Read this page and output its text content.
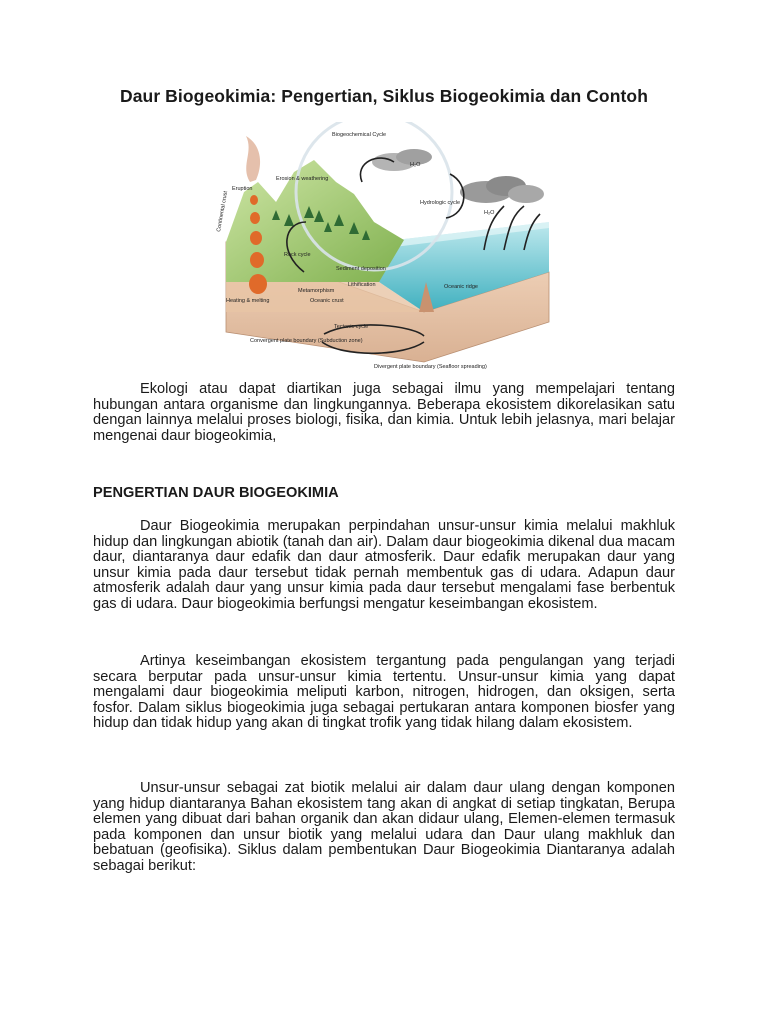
Daur Biogeokimia: Pengertian, Siklus Biogeokimia dan Contoh
Biogeochemical Cycle
H₂O
Hydrologic cycle
H₂O
Erosion & weathering
Eruption
Rock cycle
Sediment deposition
Lithification
Metamorphism
Oceanic crust
Oceanic ridge
Continental crust
Heating & melting
Tectonic cycle
Convergent plate boundary (Subduction zone)
Divergent plate boundary (Seafloor spreading)

Ekologi atau dapat diartikan juga sebagai ilmu yang mempelajari tentang hubungan antara organisme dan lingkungannya. Beberapa ekosistem dikorelasikan satu dengan lainnya melalui proses biologi, fisika, dan kimia. Untuk lebih jelasnya, mari belajar mengenai daur biogeokimia,

PENGERTIAN DAUR BIOGEOKIMIA

Daur Biogeokimia merupakan perpindahan unsur-unsur kimia melalui makhluk hidup dan lingkungan abiotik (tanah dan air). Dalam daur biogeokimia dikenal dua macam daur, diantaranya daur edafik dan daur atmosferik. Daur edafik merupakan daur yang unsur kimia pada daur tersebut tidak pernah membentuk gas di udara. Adapun daur atmosferik adalah daur yang unsur kimia pada daur tersebut mengalami fase berbentuk gas di udara. Daur biogeokimia berfungsi mengatur keseimbangan ekosistem.

Artinya keseimbangan ekosistem tergantung pada pengulangan yang terjadi secara berputar pada unsur-unsur kimia tertentu. Unsur-unsur kimia yang dapat mengalami daur biogeokimia meliputi karbon, nitrogen, hidrogen, dan oksigen, serta fosfor. Dalam siklus biogeokimia juga sebagai pertukaran antara komponen biosfer yang hidup dan tidak hidup yang akan di tingkat trofik yang tidak hilang dalam ekosistem.

Unsur-unsur sebagai zat biotik melalui air dalam daur ulang dengan komponen yang hidup diantaranya Bahan ekosistem tang akan di angkat di setiap tingkatan, Berupa elemen yang dibuat dari bahan organik dan akan didaur ulang, Elemen-elemen termasuk pada komponen dan unsur biotik yang melalui udara dan Daur ulang makhluk dan bebatuan (geofisika). Siklus dalam pembentukan Daur Biogeokimia Diantaranya adalah sebagai berikut:
